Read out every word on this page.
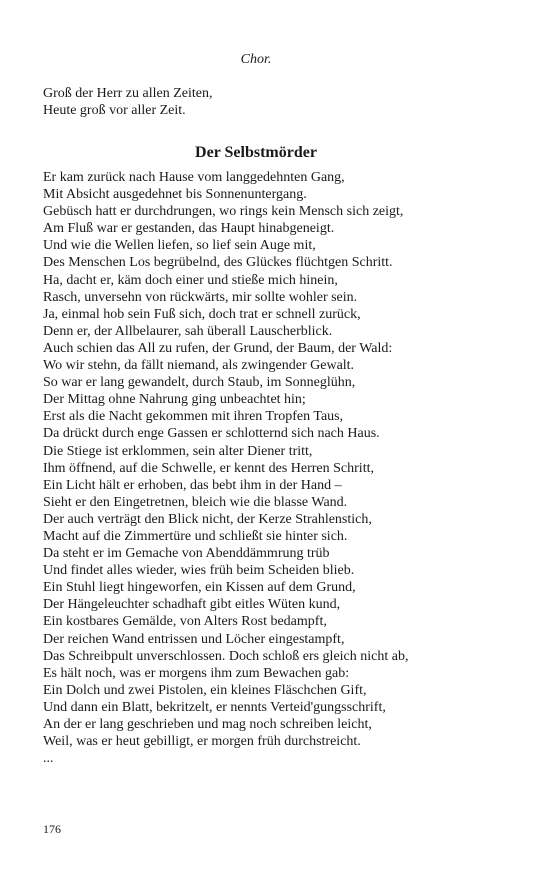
Chor.
Groß der Herr zu allen Zeiten,
Heute groß vor aller Zeit.
Der Selbstmörder
Er kam zurück nach Hause vom langgedehnten Gang,
Mit Absicht ausgedehnet bis Sonnenuntergang.
Gebüsch hatt er durchdrungen, wo rings kein Mensch sich zeigt,
Am Fluß war er gestanden, das Haupt hinabgeneigt.
Und wie die Wellen liefen, so lief sein Auge mit,
Des Menschen Los begrübelnd, des Glückes flüchtgen Schritt.
Ha, dacht er, käm doch einer und stieße mich hinein,
Rasch, unversehn von rückwärts, mir sollte wohler sein.
Ja, einmal hob sein Fuß sich, doch trat er schnell zurück,
Denn er, der Allbelaurer, sah überall Lauscherblick.
Auch schien das All zu rufen, der Grund, der Baum, der Wald:
Wo wir stehn, da fällt niemand, als zwingender Gewalt.
So war er lang gewandelt, durch Staub, im Sonneglühn,
Der Mittag ohne Nahrung ging unbeachtet hin;
Erst als die Nacht gekommen mit ihren Tropfen Taus,
Da drückt durch enge Gassen er schlotternd sich nach Haus.
Die Stiege ist erklommen, sein alter Diener tritt,
Ihm öffnend, auf die Schwelle, er kennt des Herren Schritt,
Ein Licht hält er erhoben, das bebt ihm in der Hand –
Sieht er den Eingetretnen, bleich wie die blasse Wand.
Der auch verträgt den Blick nicht, der Kerze Strahlenstich,
Macht auf die Zimmertüre und schließt sie hinter sich.
Da steht er im Gemache von Abenddämmrung trüb
Und findet alles wieder, wies früh beim Scheiden blieb.
Ein Stuhl liegt hingeworfen, ein Kissen auf dem Grund,
Der Hängeleuchter schadhaft gibt eitles Wüten kund,
Ein kostbares Gemälde, von Alters Rost bedampft,
Der reichen Wand entrissen und Löcher eingestampft,
Das Schreibpult unverschlossen. Doch schloß ers gleich nicht ab,
Es hält noch, was er morgens ihm zum Bewachen gab:
Ein Dolch und zwei Pistolen, ein kleines Fläschchen Gift,
Und dann ein Blatt, bekritzelt, er nennts Verteid'gungsschrift,
An der er lang geschrieben und mag noch schreiben leicht,
Weil, was er heut gebilligt, er morgen früh durchstreicht.
...
176
